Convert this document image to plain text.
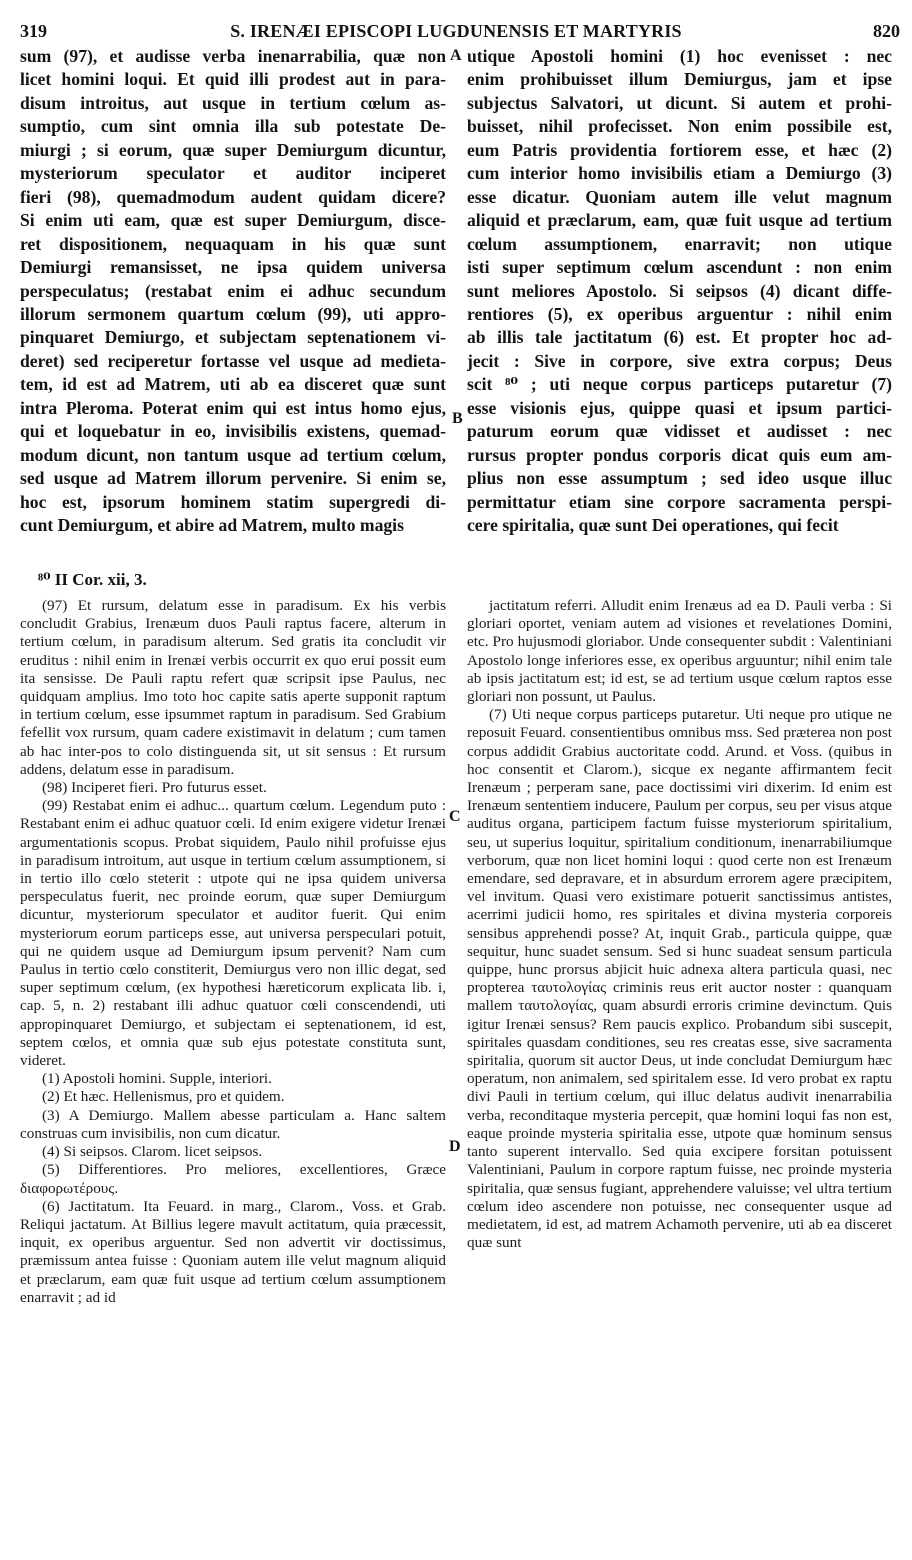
319	S. IRENÆI EPISCOPI LUGDUNENSIS ET MARTYRIS	820
sum (97), et audisse verba inenarrabilia, quæ non
licet homini loqui. Et quid illi prodest aut in para-
disum introitus, aut usque in tertium cœlum as-
sumptio, cum sint omnia illa sub potestate De-
miurgi ; si eorum, quæ super Demiurgum dicuntur,
mysteriorum speculator et auditor inciperet
fieri (98), quemadmodum audent quidam dicere?
Si enim uti eam, quæ est super Demiurgum, disce-
ret dispositionem, nequaquam in his quæ sunt
Demiurgi remansisset, ne ipsa quidem universa
perspeculatus; (restabat enim ei adhuc secundum
illorum sermonem quartum cœlum (99), uti appro-
pinquaret Demiurgo, et subjectam septenationem vi-
deret) sed reciperetur fortasse vel usque ad medieta-
tem, id est ad Matrem, uti ab ea disceret quæ sunt
intra Pleroma. Poterat enim qui est intus homo ejus,
qui et loquebatur in eo, invisibilis existens, quemad-
modum dicunt, non tantum usque ad tertium cœlum,
sed usque ad Matrem illorum pervenire. Si enim se,
hoc est, ipsorum hominem statim supergredi di-
cunt Demiurgum, et abire ad Matrem, multo magis
utique Apostoli homini (1) hoc evenisset : nec
enim prohibuisset illum Demiurgus, jam et ipse
subjectus Salvatori, ut dicunt. Si autem et prohi-
buisset, nihil profecisset. Non enim possibile est,
eum Patris providentia fortiorem esse, et hæc (2)
cum interior homo invisibilis etiam a Demiurgo (3)
esse dicatur. Quoniam autem ille velut magnum
aliquid et præclarum, eam, quæ fuit usque ad tertium
cœlum assumptionem, enarravit; non utique
isti super septimum cœlum ascendunt : non enim
sunt meliores Apostolo. Si seipsos (4) dicant diffe-
rentiores (5), ex operibus arguentur : nihil enim
ab illis tale jactitatum (6) est. Et propter hoc ad-
jecit : Sive in corpore, sive extra corpus; Deus
scit ⁸⁰ ; uti neque corpus particeps putaretur (7)
esse visionis ejus, quippe quasi et ipsum partici-
paturum eorum quæ vidisset et audisset : nec
rursus propter pondus corporis dicat quis eum am-
plius non esse assumptum ; sed ideo usque illuc
permittatur etiam sine corpore sacramenta perspi-
cere spiritalia, quæ sunt Dei operationes, qui fecit
A
B
C
D
⁸⁰ II Cor. xii, 3.

(97) Et rursum, delatum esse in paradisum. Ex his verbis concludit Grabius, Irenæum duos Pauli raptus facere, alterum in tertium cœlum, in paradisum alterum. Sed gratis ita concludit vir eruditus : nihil enim in Irenæi verbis occurrit ex quo erui possit eum ita sensisse. De Pauli raptu refert quæ scripsit ipse Paulus, nec quidquam amplius. Imo toto hoc capite satis aperte supponit raptum in tertium cœlum, esse ipsummet raptum in paradisum. Sed Grabium fefellit vox rursum, quam cadere existimavit in delatum ; cum tamen ab hac inter-pos to colo distinguenda sit, ut sit sensus : Et rursum addens, delatum esse in paradisum.

(98) Inciperet fieri. Pro futurus esset.

(99) Restabat enim ei adhuc... quartum cœlum. Legendum puto : Restabant enim ei adhuc quatuor cœli. Id enim exigere videtur Irenæi argumentationis scopus. Probat siquidem, Paulo nihil profuisse ejus in paradisum introitum, aut usque in tertium cœlum assumptionem, si in tertio illo cœlo steterit : utpote qui ne ipsa quidem universa perspeculatus fuerit, nec proinde eorum, quæ super Demiurgum dicuntur, mysteriorum speculator et auditor fuerit. Qui enim mysteriorum eorum particeps esse, aut universa perspeculari potuit, qui ne quidem usque ad Demiurgum ipsum pervenit? Nam cum Paulus in tertio cœlo constiterit, Demiurgus vero non illic degat, sed super septimum cœlum, (ex hypothesi hæreticorum explicata lib. i, cap. 5, n. 2) restabant illi adhuc quatuor cœli conscendendi, uti appropinquaret Demiurgo, et subjectam ei septenationem, id est, septem cœlos, et omnia quæ sub ejus potestate constituta sunt, videret.

(1) Apostoli homini. Supple, interiori.

(2) Et hæc. Hellenismus, pro et quidem.

(3) A Demiurgo. Mallem abesse particulam a. Hanc saltem construas cum invisibilis, non cum dicatur.

(4) Si seipsos. Clarom. licet seipsos.

(5) Differentiores. Pro meliores, excellentiores, Græce διαφορωτέρους.

(6) Jactitatum. Ita Feuard. in marg., Clarom., Voss. et Grab. Reliqui jactatum. At Billius legere mavult actitatum, quia præcessit, inquit, ex operibus arguentur. Sed non advertit vir doctissimus, præmissum antea fuisse : Quoniam autem ille velut magnum aliquid et præclarum, eam quæ fuit usque ad tertium cœlum assumptionem enarravit ; ad id

jactitatum referri. Alludit enim Irenæus ad ea D. Pauli verba : Si gloriari oportet, veniam autem ad visiones et revelationes Domini, etc. Pro hujusmodi gloriabor. Unde consequenter subdit : Valentiniani Apostolo longe inferiores esse, ex operibus arguuntur; nihil enim tale ab ipsis jactitatum est; id est, se ad tertium usque cœlum raptos esse gloriari non possunt, ut Paulus.

(7) Uti neque corpus particeps putaretur. Uti neque pro utique ne reposuit Feuard. consentientibus omnibus mss. Sed præterea non post corpus addidit Grabius auctoritate codd. Arund. et Voss. (quibus in hoc consentit et Clarom.), sicque ex negante affirmantem fecit Irenæum ; perperam sane, pace doctissimi viri dixerim. Id enim est Irenæum sententiem inducere, Paulum per corpus, seu per visus atque auditus organa, participem factum fuisse mysteriorum spiritalium, seu, ut superius loquitur, spiritalium conditionum, inenarrabiliumque verborum, quæ non licet homini loqui : quod certe non est Irenæum emendare, sed depravare, et in absurdum errorem agere præcipitem, vel invitum. Quasi vero existimare potuerit sanctissimus antistes, acerrimi judicii homo, res spiritales et divina mysteria corporeis sensibus apprehendi posse? At, inquit Grab., particula quippe, quæ sequitur, hunc suadet sensum. Sed si hunc suadeat sensum particula quippe, hunc prorsus abjicit huic adnexa altera particula quasi, nec propterea ταυτολογίας criminis reus erit auctor noster : quanquam mallem ταυτολογίας, quam absurdi erroris crimine devinctum. Quis igitur Irenæi sensus? Rem paucis explico. Probandum sibi suscepit, spiritales quasdam conditiones, seu res creatas esse, sive sacramenta spiritalia, quorum sit auctor Deus, ut inde concludat Demiurgum hæc operatum, non animalem, sed spiritalem esse. Id vero probat ex raptu divi Pauli in tertium cœlum, qui illuc delatus audivit inenarrabilia verba, reconditaque mysteria percepit, quæ homini loqui fas non est, eaque proinde mysteria spiritalia esse, utpote quæ hominum sensus tanto superent intervallo. Sed quia excipere forsitan potuissent Valentiniani, Paulum in corpore raptum fuisse, nec proinde mysteria spiritalia, quæ sensus fugiant, apprehendere valuisse; vel ultra tertium cœlum ideo ascendere non potuisse, nec consequenter usque ad medietatem, id est, ad matrem Achamoth pervenire, uti ab ea disceret quæ sunt
